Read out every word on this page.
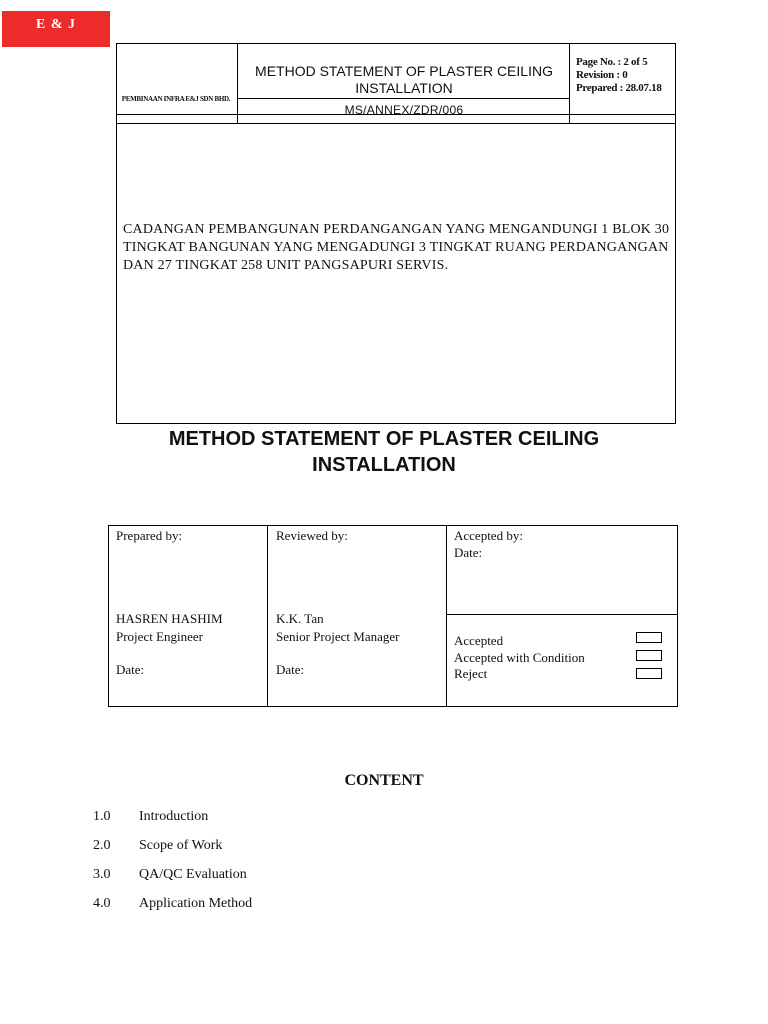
E & J
PEMBINAAN INFRA E&J SDN BHD.
METHOD STATEMENT OF PLASTER CEILING INSTALLATION
MS/ANNEX/ZDR/006
Page No. : 2 of 5
Revision : 0
Prepared : 28.07.18
CADANGAN PEMBANGUNAN PERDANGANGAN YANG MENGANDUNGI 1 BLOK 30 TINGKAT BANGUNAN YANG MENGADUNGI 3 TINGKAT RUANG PERDANGANGAN DAN 27 TINGKAT 258 UNIT PANGSAPURI SERVIS.
METHOD STATEMENT OF PLASTER CEILING INSTALLATION
Prepared by:
HASREN HASHIM
Project Engineer
Date:
Reviewed by:
K.K. Tan
Senior Project Manager
Date:
Accepted by:
Date:
Accepted
Accepted with Condition
Reject
CONTENT
1.0 Introduction
2.0 Scope of Work
3.0 QA/QC Evaluation
4.0 Application Method
